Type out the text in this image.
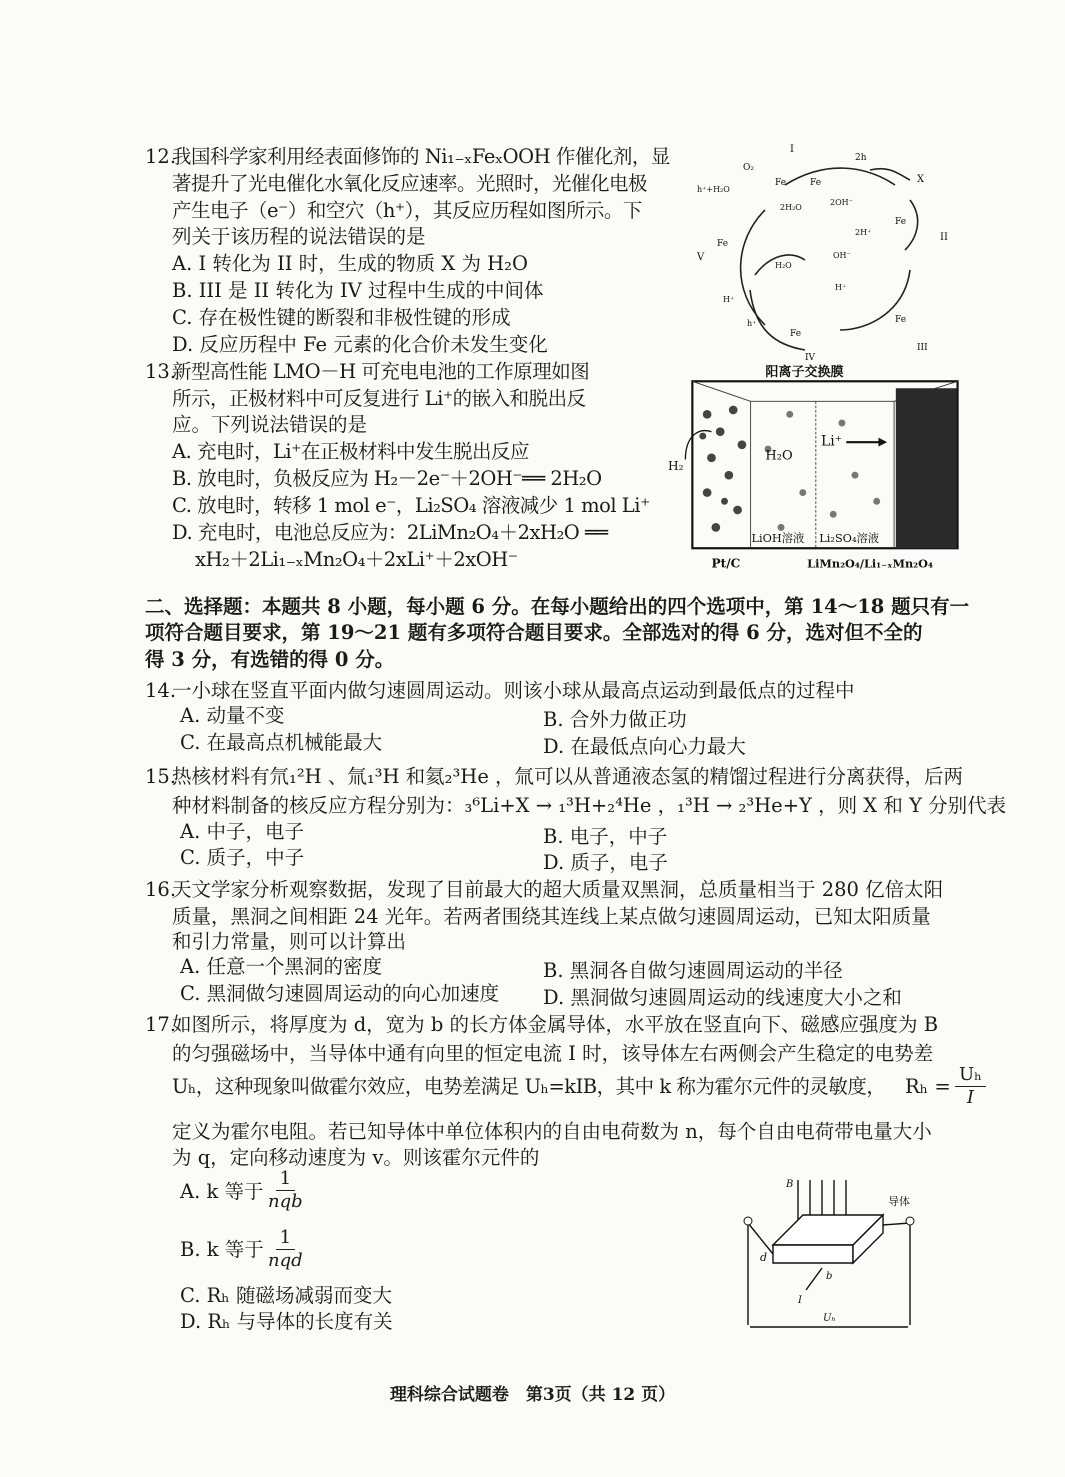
12.
我国科学家利用经表面修饰的 Ni₁₋ₓFeₓOOH 作催化剂，显
著提升了光电催化水氧化反应速率。光照时，光催化电极
产生电子（e⁻）和空穴（h⁺），其反应历程如图所示。下
列关于该历程的说法错误的是
A. I 转化为 II 时，生成的物质 X 为 H₂O
B. III 是 II 转化为 IV 过程中生成的中间体
C. 存在极性键的断裂和非极性键的形成
D. 反应历程中 Fe 元素的化合价未发生变化
I
Fe	Fe
O₂
2h
X
h⁺+H₂O
2H₂O
2OH⁻
2H⁺
Fe
II
V
Fe
H₂O
OH⁻
H⁺
H⁺
h⁺
Fe
IV
Fe
III
13.
新型高性能 LMO－H 可充电电池的工作原理如图
所示，正极材料中可反复进行 Li⁺的嵌入和脱出反
应。下列说法错误的是
A. 充电时，Li⁺在正极材料中发生脱出反应
B. 放电时，负极反应为 H₂－2e⁻＋2OH⁻══ 2H₂O
C. 放电时，转移 1 mol e⁻，Li₂SO₄ 溶液减少 1 mol Li⁺
D. 充电时，电池总反应为：2LiMn₂O₄＋2xH₂O ══
xH₂＋2Li₁₋ₓMn₂O₄＋2xLi⁺＋2xOH⁻
阳离子交换膜
H₂
H₂O
Li⁺
LiOH溶液 Li₂SO₄溶液
Pt/C	LiMn₂O₄/Li₁₋ₓMn₂O₄
二、选择题：本题共 8 小题，每小题 6 分。在每小题给出的四个选项中，第 14～18 题只有一
项符合题目要求，第 19～21 题有多项符合题目要求。全部选对的得 6 分，选对但不全的
得 3 分，有选错的得 0 分。
14.
一小球在竖直平面内做匀速圆周运动。则该小球从最高点运动到最低点的过程中
A. 动量不变	B. 合外力做正功
C. 在最高点机械能最大	D. 在最低点向心力最大
15.
热核材料有氘₁²H 、氚₁³H 和氦₂³He ，氚可以从普通液态氢的精馏过程进行分离获得，后两
种材料制备的核反应方程分别为：₃⁶Li+X → ₁³H+₂⁴He ，₁³H → ₂³He+Y ，则 X 和 Y 分别代表
A. 中子，电子	B. 电子，中子
C. 质子，中子	D. 质子，电子
16.
天文学家分析观察数据，发现了目前最大的超大质量双黑洞，总质量相当于 280 亿倍太阳
质量，黑洞之间相距 24 光年。若两者围绕其连线上某点做匀速圆周运动，已知太阳质量
和引力常量，则可以计算出
A. 任意一个黑洞的密度	B. 黑洞各自做匀速圆周运动的半径
C. 黑洞做匀速圆周运动的向心加速度 D. 黑洞做匀速圆周运动的线速度大小之和
17.
如图所示，将厚度为 d，宽为 b 的长方体金属导体，水平放在竖直向下、磁感应强度为 B
的匀强磁场中，当导体中通有向里的恒定电流 I 时，该导体左右两侧会产生稳定的电势差
Uₕ，这种现象叫做霍尔效应，电势差满足 Uₕ=kIB，其中 k 称为霍尔元件的灵敏度， $R_h = \frac{\text{Uₕ}}{I}$
定义为霍尔电阻。若已知导体中单位体积内的自由电荷数为 n，每个自由电荷带电量大小
为 q，定向移动速度为 v。则该霍尔元件的
A. k 等于
1
nqb
B. k 等于
1
nqd
C. Rₕ 随磁场减弱而变大
D. Rₕ 与导体的长度有关
B
导体
d
b
I
Uₕ
理科综合试题卷　第3页（共 12 页）
